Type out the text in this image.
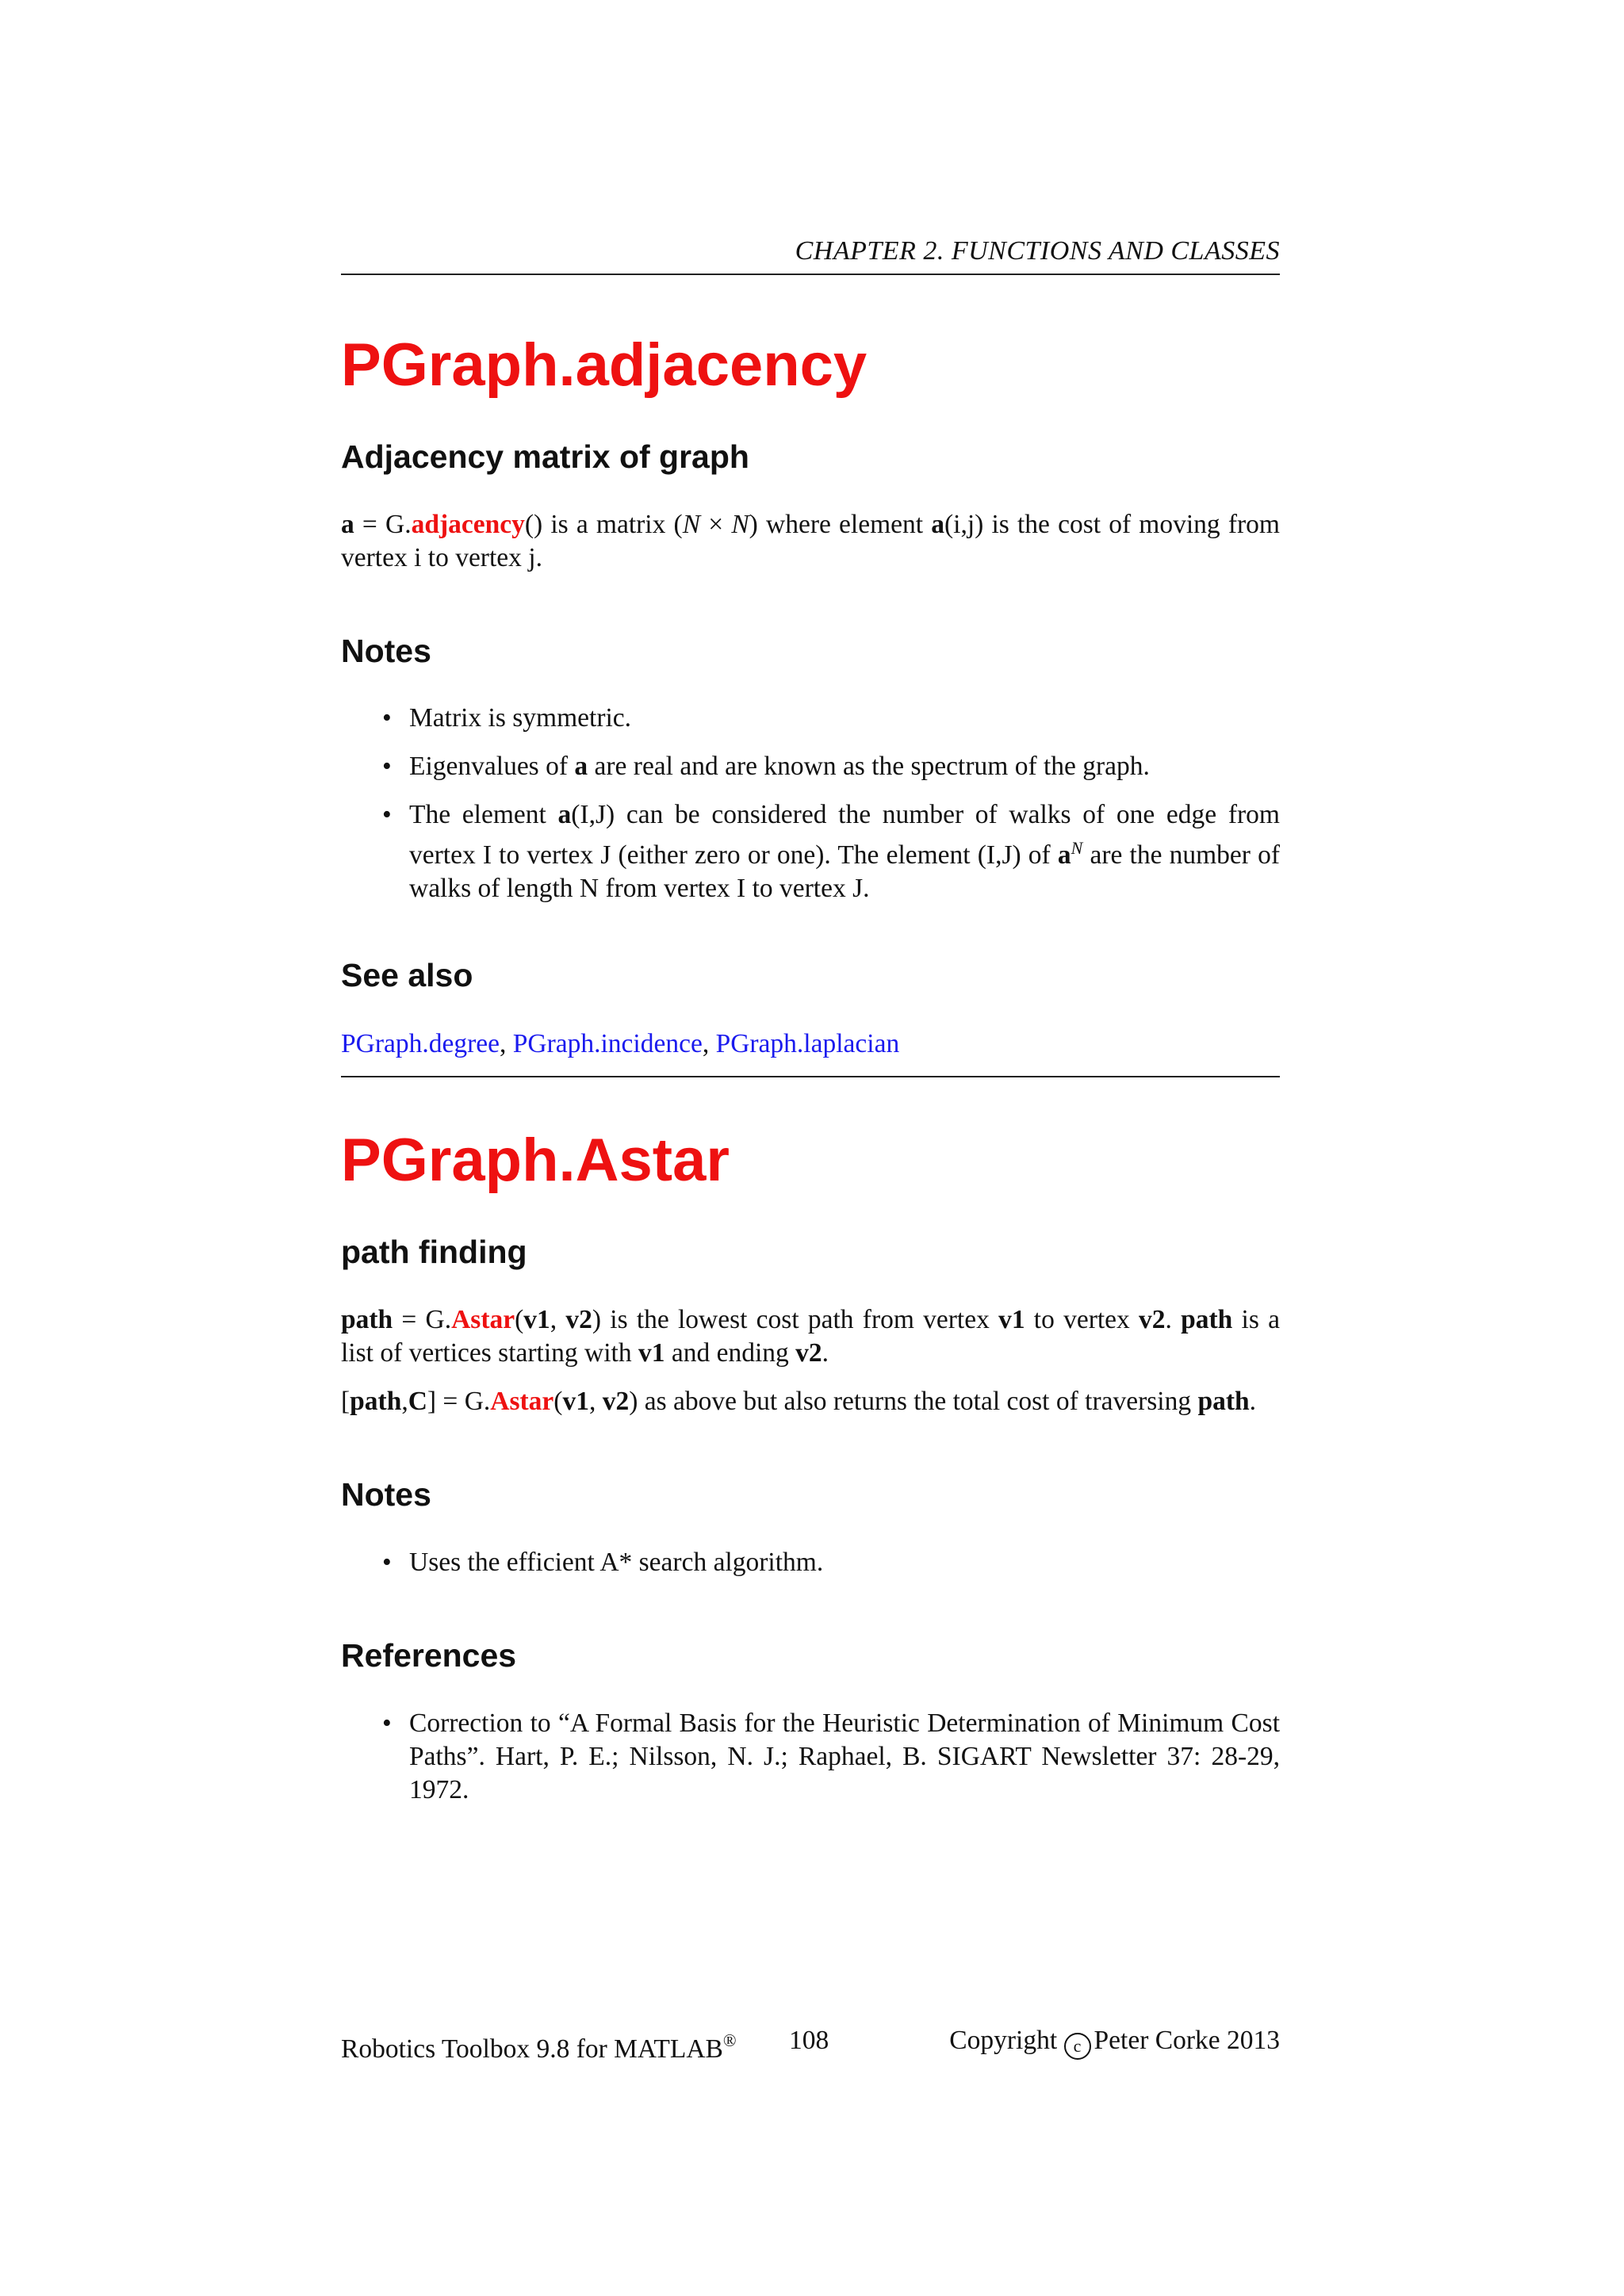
CHAPTER 2. FUNCTIONS AND CLASSES
PGraph.adjacency
Adjacency matrix of graph

a = G.adjacency() is a matrix (N × N) where element a(i,j) is the cost of moving from vertex i to vertex j.

Notes
• Matrix is symmetric.
• Eigenvalues of a are real and are known as the spectrum of the graph.
• The element a(I,J) can be considered the number of walks of one edge from vertex I to vertex J (either zero or one). The element (I,J) of $a^N$ are the number of walks of length N from vertex I to vertex J.
See also
PGraph.degree, PGraph.incidence, PGraph.laplacian
PGraph.Astar
path finding

path = G.Astar(v1, v2) is the lowest cost path from vertex v1 to vertex v2. path is a list of vertices starting with v1 and ending v2.

[path,C] = G.Astar(v1, v2) as above but also returns the total cost of traversing path.

Notes
• Uses the efficient A* search algorithm.
References
• Correction to “A Formal Basis for the Heuristic Determination of Minimum Cost Paths”. Hart, P. E.; Nilsson, N. J.; Raphael, B. SIGART Newsletter 37: 28-29, 1972.
Robotics Toolbox 9.8 for MATLAB® 108	Copyright c Peter Corke 2013
